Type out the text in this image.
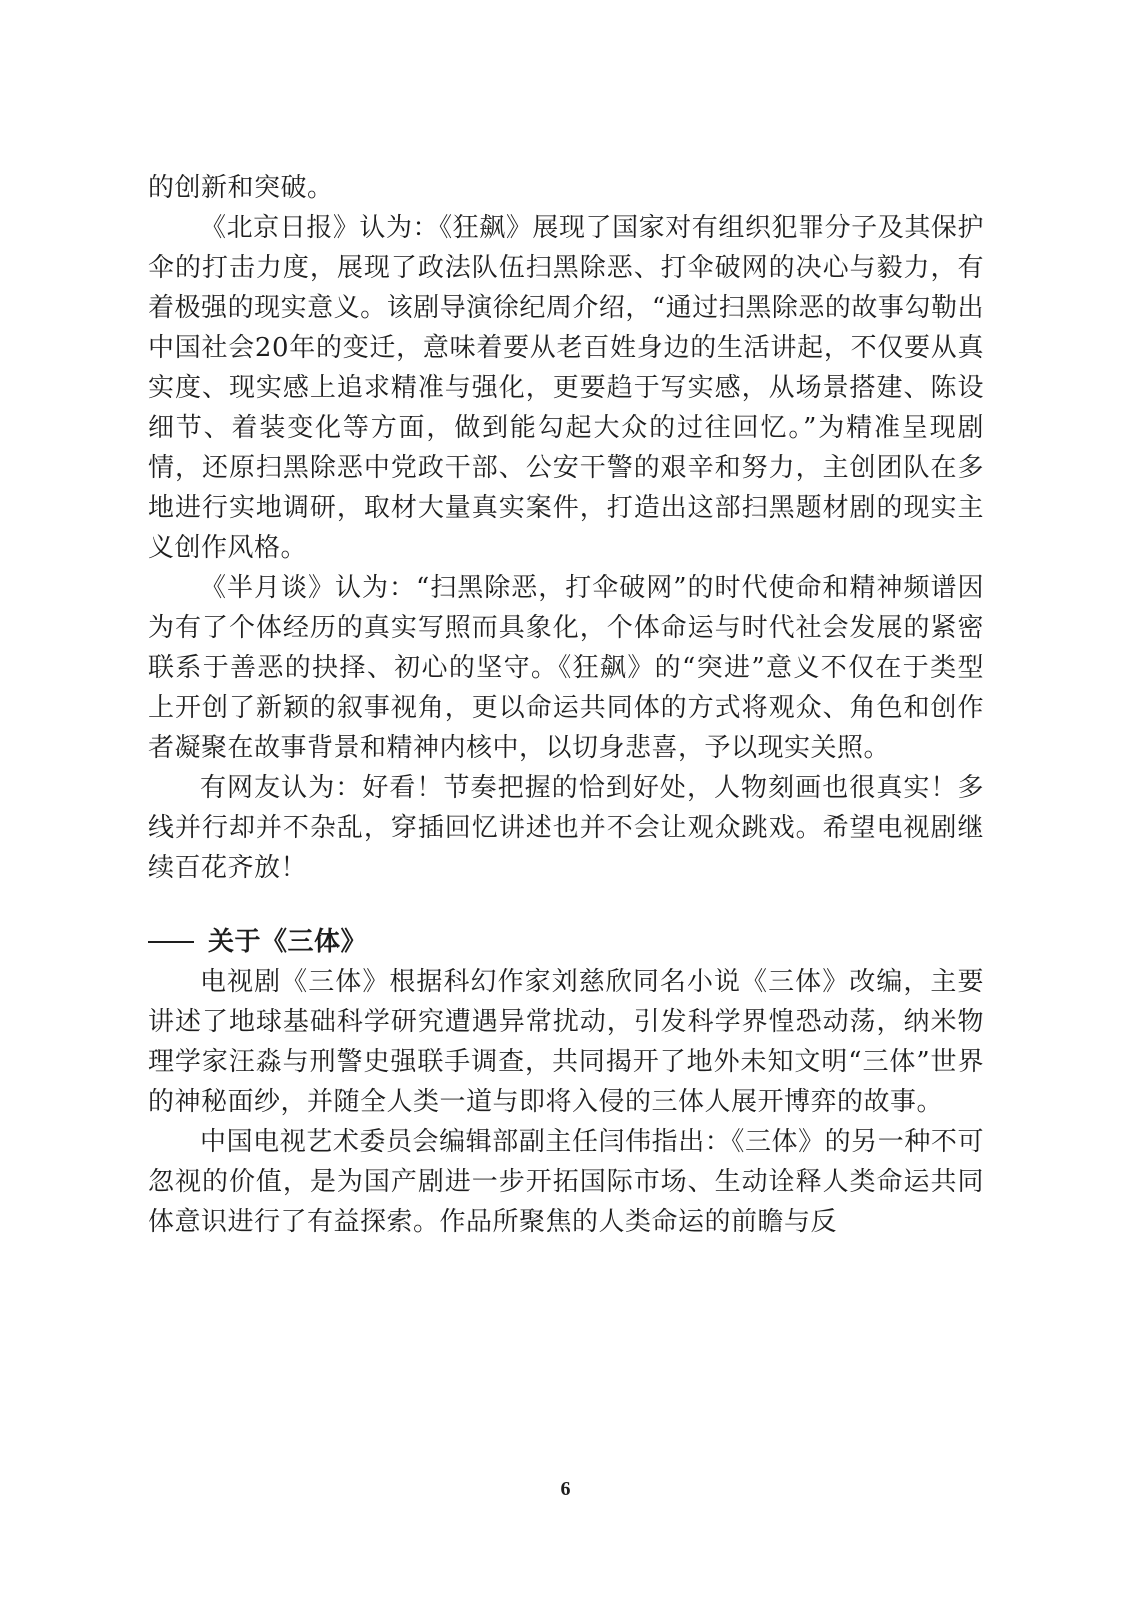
的创新和突破。

《北京日报》认为：《狂飙》展现了国家对有组织犯罪分子及其保护伞的打击力度，展现了政法队伍扫黑除恶、打伞破网的决心与毅力，有着极强的现实意义。该剧导演徐纪周介绍，“通过扫黑除恶的故事勾勒出中国社会20年的变迁，意味着要从老百姓身边的生活讲起，不仅要从真实度、现实感上追求精准与强化，更要趋于写实感，从场景搭建、陈设细节、着装变化等方面，做到能勾起大众的过往回忆。”为精准呈现剧情，还原扫黑除恶中党政干部、公安干警的艰辛和努力，主创团队在多地进行实地调研，取材大量真实案件，打造出这部扫黑题材剧的现实主义创作风格。

《半月谈》认为：“扫黑除恶，打伞破网”的时代使命和精神频谱因为有了个体经历的真实写照而具象化，个体命运与时代社会发展的紧密联系于善恶的抉择、初心的坚守。《狂飙》的“突进”意义不仅在于类型上开创了新颖的叙事视角，更以命运共同体的方式将观众、角色和创作者凝聚在故事背景和精神内核中，以切身悲喜，予以现实关照。

有网友认为：好看！节奏把握的恰到好处，人物刻画也很真实！多线并行却并不杂乱，穿插回忆讲述也并不会让观众跳戏。希望电视剧继续百花齐放！

关于《三体》

电视剧《三体》根据科幻作家刘慈欣同名小说《三体》改编，主要讲述了地球基础科学研究遭遇异常扰动，引发科学界惶恐动荡，纳米物理学家汪淼与刑警史强联手调查，共同揭开了地外未知文明“三体”世界的神秘面纱，并随全人类一道与即将入侵的三体人展开博弈的故事。

中国电视艺术委员会编辑部副主任闫伟指出：《三体》的另一种不可忽视的价值，是为国产剧进一步开拓国际市场、生动诠释人类命运共同体意识进行了有益探索。作品所聚焦的人类命运的前瞻与反

6
